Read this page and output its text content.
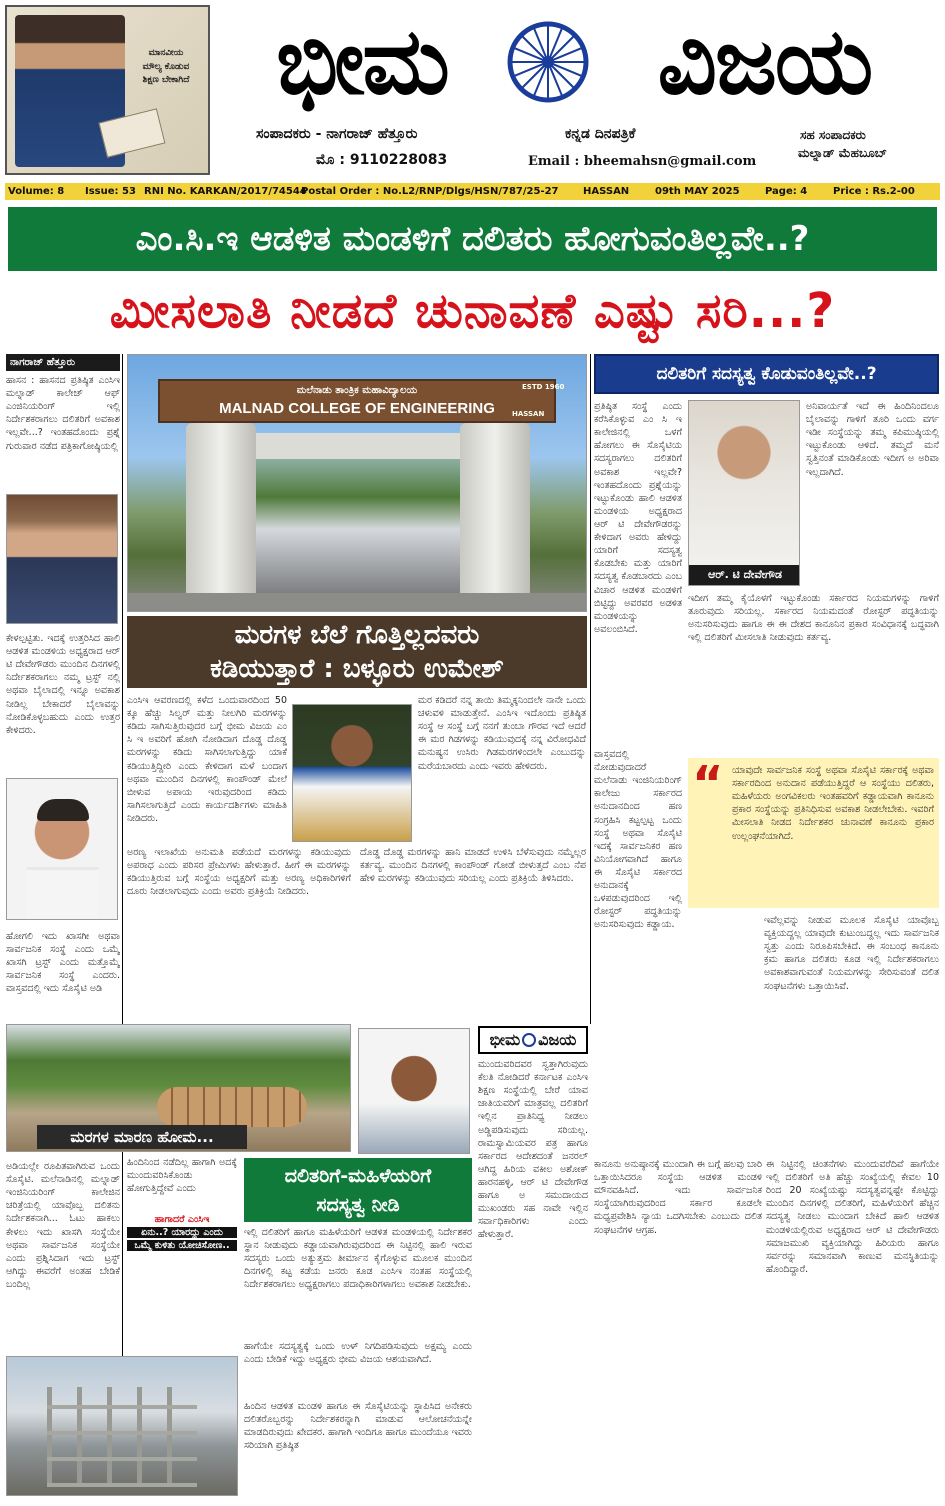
ಮಾನವೀಯ
ಮೌಲ್ಯ ಕೊಡುವ
ಶಿಕ್ಷಣ ಬೇಕಾಗಿದೆ ಭೀಮ	ವಿಜಯ
ಸಂಪಾದಕರು - ನಾಗರಾಜ್ ಹೆತ್ತೂರು
ಮೊ : 9110228083
ಕನ್ನಡ ದಿನಪತ್ರಿಕೆ
Email : bheemahsn@gmail.com
ಸಹ ಸಂಪಾದಕರು
ಮಲ್ನಾಡ್ ಮೆಹಬೂಬ್
Volume: 8 Issue: 53 RNI No. KARKAN/2017/74544
Postal Order : No.L2/RNP/Dlgs/HSN/787/25-27 HASSAN	09th MAY 2025	Page: 4	Price : Rs.2-00
ಎಂ.ಸಿ.ಇ ಆಡಳಿತ ಮಂಡಳಿಗೆ ದಲಿತರು ಹೋಗುವಂತಿಲ್ಲವೇ..?
ಮೀಸಲಾತಿ ನೀಡದೆ ಚುನಾವಣೆ ಎಷ್ಟು ಸರಿ...?
ನಾಗರಾಜ್ ಹೆತ್ತೂರು
ಹಾಸನ : ಹಾಸನದ ಪ್ರತಿಷ್ಠಿತ ಎಂಸಿಇ ಮಲ್ನಾಡ್ ಕಾಲೇಜ್ ಆಫ್ ಎಂಜಿನಿಯರಿಂಗ್ ಇಲ್ಲಿ ನಿರ್ದೇಶಕರಾಗಲು ದಲಿತರಿಗೆ ಅವಕಾಶ ಇಲ್ಲವೇ...? ಇಂತಹದೊಂದು ಪ್ರಶ್ನೆ ಗುರುವಾರ ನಡೆದ ಪತ್ರಿಕಾಗೋಷ್ಠಿಯಲ್ಲಿ
ಕೇಳಲ್ಪಟ್ಟಿತು. ಇದಕ್ಕೆ ಉತ್ತರಿಸಿದ ಹಾಲಿ ಆಡಳಿತ ಮಂಡಳಿಯ ಅಧ್ಯಕ್ಷರಾದ ಆರ್ ಟಿ ದೇವೇಗೌಡರು ಮುಂದಿನ ದಿನಗಳಲ್ಲಿ ನಿರ್ದೇಶಕರಾಗಲು ನಮ್ಮ ಟ್ರಸ್ಟ್ ನಲ್ಲಿ ಅಥವಾ ಬೈಲಾದಲ್ಲಿ ಇನ್ನೂ ಅವಕಾಶ ನೀಡಿಲ್ಲ ಬೇಕಾದರೆ ಬೈಲಾವನ್ನು ನೋಡಿಕೊಳ್ಳಬಹುದು ಎಂದು ಉತ್ತರ ಕೇಳಿದರು.
ಹೋಗಲಿ ಇದು ಖಾಸಗೀ ಅಥವಾ ಸಾರ್ವಜನಿಕ ಸಂಸ್ಥೆ ಎಂದು ಒಮ್ಮೆ ಖಾಸಗಿ ಟ್ರಸ್ಟ್ ಎಂದು ಮತ್ತೊಮ್ಮೆ ಸಾರ್ವಜನಿಕ ಸಂಸ್ಥೆ ಎಂದರು. ವಾಸ್ತವದಲ್ಲಿ ಇದು ಸೊಸೈಟಿ ಅಡಿ
ಮಲೆನಾಡು ತಾಂತ್ರಿಕ ಮಹಾವಿದ್ಯಾಲಯ
MALNAD COLLEGE OF ENGINEERING
ESTD 1960
HASSAN
ಮರಗಳ ಬೆಲೆ ಗೊತ್ತಿಲ್ಲದವರು
ಕಡಿಯುತ್ತಾರೆ : ಬಳ್ಳೂರು ಉಮೇಶ್
ಎಂಸಿಇ ಆವರಣದಲ್ಲಿ ಕಳೆದ ಒಂದುವಾರದಿಂದ 50 ಕ್ಕೂ ಹೆಚ್ಚು ಸಿಲ್ವರ್ ಮತ್ತು ನೀಲಗಿರಿ ಮರಗಳನ್ನು ಕಡಿದು ಸಾಗಿಸುತ್ತಿರುವುದರ ಬಗ್ಗೆ ಭೀಮ ವಿಜಯ ಎಂ ಸಿ ಇ ಅವರಿಗೆ ಹೋಗಿ ನೋಡಿದಾಗ ದೊಡ್ಡ ದೊಡ್ಡ ಮರಗಳನ್ನು ಕಡಿದು ಸಾಗಿಸಲಾಗುತ್ತಿದ್ದು ಯಾಕೆ ಕಡಿಯುತ್ತಿದ್ದೀರಿ ಎಂದು ಕೇಳಿದಾಗ ಮಳೆ ಬಂದಾಗ ಅಥವಾ ಮುಂದಿನ ದಿನಗಳಲ್ಲಿ ಕಾಂಪೌಂಡ್ ಮೇಲೆ ಬೀಳುವ ಅಪಾಯ ಇರುವುದರಿಂದ ಕಡಿದು ಸಾಗಿಸಲಾಗುತ್ತಿದೆ ಎಂದು ಕಾರ್ಯದರ್ಶಿಗಳು ಮಾಹಿತಿ ನೀಡಿದರು.
ಮರ ಕಡಿದರೆ ನನ್ನ ತಾಯಿ ತಿಮ್ಮಕ್ಕನಿಂದಲೇ ನಾನೇ ಒಂದು ಚಳುವಳಿ ಮಾಡುತ್ತೇನೆ. ಎಂಸಿಇ ಇದೊಂದು ಪ್ರತಿಷ್ಠಿತ ಸಂಸ್ಥೆ ಆ ಸಂಸ್ಥೆ ಬಗ್ಗೆ ನನಗೆ ತುಂಬಾ ಗೌರವ ಇದೆ ಆದರೆ ಈ ಮರ ಗಿಡಗಳನ್ನು ಕಡಿಯುವುದಕ್ಕೆ ನನ್ನ ವಿರೋಧವಿದೆ ಮನುಷ್ಯನ ಉಸಿರು ಗಿಡಮರಗಳಿಂದಲೇ ಎಂಬುದನ್ನು ಮರೆಯಬಾರದು ಎಂದು ಇವರು ಹೇಳಿದರು.
ಅರಣ್ಯ ಇಲಾಖೆಯ ಅನುಮತಿ ಪಡೆಯದೆ ಮರಗಳನ್ನು ಕಡಿಯುವುದು ಅಪರಾಧ ಎಂದು ಪರಿಸರ ಪ್ರೇಮಿಗಳು ಹೇಳುತ್ತಾರೆ. ಹೀಗೆ ಈ ಮರಗಳನ್ನು ಕಡಿಯುತ್ತಿರುವ ಬಗ್ಗೆ ಸಂಸ್ಥೆಯ ಅಧ್ಯಕ್ಷರಿಗೆ ಮತ್ತು ಅರಣ್ಯ ಅಧಿಕಾರಿಗಳಿಗೆ ದೂರು ನೀಡಲಾಗುವುದು ಎಂದು ಅವರು ಪ್ರತಿಕ್ರಿಯೆ ನೀಡಿದರು.
ದೊಡ್ಡ ದೊಡ್ಡ ಮರಗಳನ್ನು ಹಾನಿ ಮಾಡದೆ ಉಳಿಸಿ ಬೆಳೆಸುವುದು ನಮ್ಮೆಲ್ಲರ ಕರ್ತವ್ಯ. ಮುಂದಿನ ದಿನಗಳಲ್ಲಿ ಕಾಂಪೌಂಡ್ ಗೋಡೆ ಬೀಳುತ್ತದೆ ಎಂಬ ನೆಪ ಹೇಳಿ ಮರಗಳನ್ನು ಕಡಿಯುವುದು ಸರಿಯಲ್ಲ ಎಂದು ಪ್ರತಿಕ್ರಿಯೆ ತಿಳಿಸಿದರು.
ಮರಗಳ ಮಾರಣ ಹೋಮ...
ಭೀಮ ವಿಜಯ
ಮುಂದುವರಿದವರ ಸ್ವತ್ತಾಗಿರುವುದು ಕೆಲತಿ ನೋಡಿದರೆ ಕರ್ನಾಟಕ ಎಂಸಿಇ ಶಿಕ್ಷಣ ಸಂಸ್ಥೆಯಲ್ಲಿ ಬೇರೆ ಯಾವ ಜಾತಿಯವರಿಗೆ ಮಾತ್ರವಲ್ಲ ದಲಿತರಿಗೆ ಇಲ್ಲಿನ ಪ್ರಾತಿನಿಧ್ಯ ನೀಡಲು ಅಡ್ಡಿಪಡಿಸುವುದು ಸರಿಯಲ್ಲ. ರಾಮಸ್ವಾಮಿಯವರ ಪತ್ರ ಹಾಗೂ ಸರ್ಕಾರದ ಆದೇಶದಂತೆ ಜನರಲ್ ಆಗಿದ್ದ ಹಿರಿಯ ವಕೀಲ ಅಶೋಕ್ ಹಾರನಹಳ್ಳಿ, ಆರ್ ಟಿ ದೇವೇಗೌಡ ಹಾಗೂ ಅ ಸಮುದಾಯದ ಮುಖಂಡರು ಸಹ ನಾವೇ ಇಲ್ಲಿನ ಸರ್ವಾಧಿಕಾರಿಗಳು ಎಂದು ಹೇಳುತ್ತಾರೆ.
ಅಡಿಯಲ್ಲೇ ರೂಪಿತವಾಗಿರುವ ಒಂದು ಸೊಸೈಟಿ. ಮಲೆನಾಡಿನಲ್ಲಿ ಮಲ್ನಾಡ್ ಇಂಜಿನಿಯರಿಂಗ್ ಕಾಲೇಜಿನ ಚರಿತ್ರೆಯಲ್ಲಿ ಯಾವೊಬ್ಬ ದಲಿತನು ನಿರ್ದೇಶಕನಾಗಿ... ಓಟು ಹಾಕಲು ಕೇಳಲು ಇದು ಖಾಸಗಿ ಸಂಸ್ಥೆಯೇ ಅಥವಾ ಸಾರ್ವಜನಿಕ ಸಂಸ್ಥೆಯೇ ಎಂದು ಪ್ರಶ್ನಿಸಿದಾಗ ಇದು ಟ್ರಸ್ಟ್ ಆಗಿದ್ದು ಈವರೆಗೆ ಅಂತಹ ಬೇಡಿಕೆ ಬಂದಿಲ್ಲ
ಹಿಂದಿನಿಂದ ನಡೆದಿಲ್ಲ ಹಾಗಾಗಿ ಅದಕ್ಕೆ ಮುಂದುವರಿಸಿಕೊಂಡು ಹೋಗುತ್ತಿದ್ದೇವೆ ಎಂದು
ಹಾಗಾದರೆ ಎಂಸಿಇ
ಏನು..? ಯಾರದ್ದು ಎಂದು
ಒಮ್ಮೆ ಕುಳಿತು ಯೋಚಿಸೋಣ..
ದಲಿತರಿಗೆ-ಮಹಿಳೆಯರಿಗೆ
ಸದಸ್ಯತ್ವ ನೀಡಿ
ಇಲ್ಲಿ ದಲಿತರಿಗೆ ಹಾಗೂ ಮಹಿಳೆಯರಿಗೆ ಆಡಳಿತ ಮಂಡಳಿಯಲ್ಲಿ ನಿರ್ದೇಶಕರ ಸ್ಥಾನ ನೀಡುವುದು ಕಡ್ಡಾಯವಾಗಿರುವುದರಿಂದ ಈ ನಿಟ್ಟಿನಲ್ಲಿ ಹಾಲಿ ಇರುವ ಸದಸ್ಯರು ಒಂದು ಅತ್ಯುತ್ತಮ ತೀರ್ಮಾನ ಕೈಗೊಳ್ಳುವ ಮೂಲಕ ಮುಂದಿನ ದಿನಗಳಲ್ಲಿ ಕಟ್ಟ ಕಡೆಯ ಜನರು ಕೂಡ ಎಂಸಿಇ ನಂತಹ ಸಂಸ್ಥೆಯಲ್ಲಿ ನಿರ್ದೇಶಕರಾಗಲು ಅಧ್ಯಕ್ಷರಾಗಲು ಪದಾಧಿಕಾರಿಗಳಾಗಲು ಅವಕಾಶ ನೀಡಬೇಕು.
ಹಾಗೆಯೇ ಸದಸ್ಯತ್ವಕ್ಕೆ ಒಂದು ಉಳ್ ನಿಗದಿಪಡಿಸುವುದು ಅಕ್ಷಮ್ಯ ಎಂದು ಎಂದು ಬೇಡಿಕೆ ಇದ್ದು ಅಧ್ಯಕ್ಷರು ಭೀಮ ವಿಜಯ ಆಶಯವಾಗಿದೆ.
ಹಿಂದಿನ ಆಡಳಿತ ಮಂಡಳಿ ಹಾಗೂ ಈ ಸೊಸೈಟಿಯನ್ನು ಸ್ಥಾಪಿಸಿದ ಅನೇಕರು ದಲಿತರೊಬ್ಬರನ್ನು ನಿರ್ದೇಶಕರನ್ನಾಗಿ ಮಾಡುವ ಆಲೋಚನೆಯನ್ನೇ ಮಾಡದಿರುವುದು ಖೇದಕರ. ಹಾಗಾಗಿ ಇಂದಿಗೂ ಹಾಗೂ ಮುಂದೆಯೂ ಇವರು ಸರಿಯಾಗಿ ಪ್ರತಿಷ್ಠಿತ
ದಲಿತರಿಗೆ ಸದಸ್ಯತ್ವ ಕೊಡುವಂತಿಲ್ಲವೇ..?
ಪ್ರತಿಷ್ಠಿತ ಸಂಸ್ಥೆ ಎಂದು ಕರೆಸಿಕೊಳ್ಳುವ ಎಂ ಸಿ ಇ ಕಾಲೇಜಿನಲ್ಲಿ ಒಳಗೆ ಹೋಗಲು ಈ ಸೊಸೈಟಿಯ ಸದಸ್ಯರಾಗಲು ದಲಿತರಿಗೆ ಅವಕಾಶ ಇಲ್ಲವೇ? ಇಂತಹದೊಂದು ಪ್ರಶ್ನೆಯನ್ನು ಇಟ್ಟುಕೊಂಡು ಹಾಲಿ ಆಡಳಿತ ಮಂಡಳಿಯ ಅಧ್ಯಕ್ಷರಾದ ಆರ್ ಟಿ ದೇವೇಗೌಡರನ್ನು ಕೇಳಿದಾಗ ಅವರು ಹೇಳಿದ್ದು ಯಾರಿಗೆ ಸದಸ್ಯತ್ವ ಕೊಡಬೇಕು ಮತ್ತು ಯಾರಿಗೆ ಸದಸ್ಯತ್ವ ಕೊಡಬಾರದು ಎಂಬ ವಿಚಾರ ಆಡಳಿತ ಮಂಡಳಿಗೆ ಬಿಟ್ಟಿದ್ದು ಅವರವರ ಅಡಳಿತ ಮಂಡಳಿಯನ್ನು ಅವಲಂಬಿಸಿದೆ.
ಆರ್. ಟಿ ದೇವೇಗೌಡ
ಅನಿವಾರ್ಯತೆ ಇದೆ ಈ ಹಿಂದಿನಿಂದಲೂ ಬೈಲಾವನ್ನು ಗಾಳಿಗೆ ತೂರಿ ಒಂದು ವರ್ಗ ಇಡೀ ಸಂಸ್ಥೆಯನ್ನು ತಮ್ಮ ಕಪಿಮುಷ್ಠಿಯಲ್ಲಿ ಇಟ್ಟುಕೊಂಡು ಆಳಿದೆ. ತಮ್ಮದೆ ಮನೆ ಸ್ವತ್ತಿನಂತೆ ಮಾಡಿಕೊಂಡು ಇದೀಗ ಅ ಅರಿವಾ ಇಲ್ಲದಾಗಿದೆ.
ಇದೀಗ ತಮ್ಮ ಕೈಯೊಳಗೆ ಇಟ್ಟುಕೊಂಡು ಸರ್ಕಾರದ ನಿಯಮಗಳನ್ನು ಗಾಳಿಗೆ ತೂರುವುದು ಸರಿಯಲ್ಲ. ಸರ್ಕಾರದ ನಿಯಮದಂತೆ ರೋಸ್ಟರ್ ಪದ್ಧತಿಯನ್ನು ಅನುಸರಿಸುವುದು ಹಾಗೂ ಈ ಈ ದೇಶದ ಕಾನೂನಿನ ಪ್ರಕಾರ ಸಂವಿಧಾನಕ್ಕೆ ಬದ್ಧವಾಗಿ ಇಲ್ಲಿ ದಲಿತರಿಗೆ ಮೀಸಲಾತಿ ನೀಡುವುದು ಕರ್ತವ್ಯ.
“ ಯಾವುದೇ ಸಾರ್ವಜನಿಕ ಸಂಸ್ಥೆ ಅಥವಾ ಸೊಸೈಟಿ ಸರ್ಕಾರಕ್ಕೆ ಅಥವಾ ಸರ್ಕಾರದಿಂದ ಅನುದಾನ ಪಡೆಯುತ್ತಿದ್ದರೆ ಆ ಸಂಸ್ಥೆಯು ದಲಿತರು, ಮಹಿಳೆಯರು ಅಂಗವಿಕಲರು ಇಂತಹವರಿಗೆ ಕಡ್ಡಾಯವಾಗಿ ಕಾನೂನು ಪ್ರಕಾರ ಸಂಸ್ಥೆಯನ್ನು ಪ್ರತಿನಿಧಿಸುವ ಅವಕಾಶ ನೀಡಲೇಬೇಕು. ಇವರಿಗೆ ಮೀಸಲಾತಿ ನೀಡದ ನಿರ್ದೇಶಕರ ಚುನಾವಣೆ ಕಾನೂನು ಪ್ರಕಾರ ಉಲ್ಲಂಘನೆಯಾಗಿದೆ.
ವಾಸ್ತವದಲ್ಲಿ ನೋಡುವುದಾದರೆ ಮಲೆನಾಡು ಇಂಜಿನಿಯರಿಂಗ್ ಕಾಲೇಜು ಸರ್ಕಾರದ ಅನುದಾನದಿಂದ ಹಣ ಸಂಗ್ರಹಿಸಿ ಕಟ್ಟಲ್ಪಟ್ಟ ಒಂದು ಸಂಸ್ಥೆ ಅಥವಾ ಸೊಸೈಟಿ ಇದಕ್ಕೆ ಸಾರ್ವಜನಿಕರ ಹಣ ವಿನಿಯೋಗವಾಗಿದೆ ಹಾಗೂ ಈ ಸೊಸೈಟಿ ಸರ್ಕಾರದ ಅನುದಾನಕ್ಕೆ ಒಳಪಡುವುದರಿಂದ ಇಲ್ಲಿ ರೋಸ್ಟರ್ ಪದ್ಧತಿಯನ್ನು ಅನುಸರಿಸುವುದು ಕಡ್ಡಾಯ.	ಇವೆಲ್ಲವನ್ನು ನೀಡುವ ಮೂಲಕ ಸೊಸೈಟಿ ಯಾವೊಬ್ಬ ವ್ಯಕ್ತಿಯದ್ದಲ್ಲ ಯಾವುದೇ ಕುಟುಂಬದ್ದಲ್ಲ ಇದು ಸಾರ್ವಜನಿಕ ಸ್ವತ್ತು ಎಂದು ನಿರೂಪಿಸಬೇಕಿದೆ. ಈ ಸಂಬಂಧ ಕಾನೂನು ಕ್ರಮ ಹಾಗೂ ದಲಿತರು ಕೂಡ ಇಲ್ಲಿ ನಿರ್ದೇಶಕರಾಗಲು ಅವಕಾಶವಾಗುವಂತೆ ನಿಯಮಗಳನ್ನು ಸೇರಿಸುವಂತೆ ದಲಿತ ಸಂಘಟನೆಗಳು ಒತ್ತಾಯಿಸಿವೆ.
ಕಾನೂನು ಅನುಷ್ಠಾನಕ್ಕೆ ಮುಂದಾಗಿ ಈ ಬಗ್ಗೆ ಹಲವು ಬಾರಿ ಒತ್ತಾಯಿಸಿದರೂ ಸಂಸ್ಥೆಯ ಆಡಳಿತ ಮಂಡಳಿ ಮೌನವಹಿಸಿದೆ. ಇದು ಸಾರ್ವಜನಿಕ ಸಂಸ್ಥೆಯಾಗಿರುವುದರಿಂದ ಸರ್ಕಾರ ಕೂಡಲೇ ಮಧ್ಯಪ್ರವೇಶಿಸಿ ನ್ಯಾಯ ಒದಗಿಸಬೇಕು ಎಂಬುದು ದಲಿತ ಸಂಘಟನೆಗಳ ಆಗ್ರಹ.
ಈ ನಿಟ್ಟಿನಲ್ಲಿ ಚಿಂತನೆಗಳು ಮುಂದುವರೆದಿವೆ ಹಾಗೆಯೇ ಇಲ್ಲಿ ದಲಿತರಿಗೆ ಅತಿ ಹೆಚ್ಚು ಸಂಖ್ಯೆಯಲ್ಲಿ ಕೇವಲ 10 ರಿಂದ 20 ಸಂಖ್ಯೆಯಷ್ಟು ಸದಸ್ಯತ್ವವನ್ನಷ್ಟೇ ಕೊಟ್ಟಿದ್ದು ಮುಂದಿನ ದಿನಗಳಲ್ಲಿ ದಲಿತರಿಗೆ, ಮಹಿಳೆಯರಿಗೆ ಹೆಚ್ಚಿನ ಸದಸ್ಯತ್ವ ನೀಡಲು ಮುಂದಾಗ ಬೇಕಿದೆ ಹಾಲಿ ಆಡಳಿತ ಮಂಡಳಿಯಲ್ಲಿರುವ ಅಧ್ಯಕ್ಷರಾದ ಆರ್ ಟಿ ದೇವೇಗೌಡರು ಸಮಾಜಮುಖಿ ವ್ಯಕ್ತಿಯಾಗಿದ್ದು ಹಿರಿಯರು ಹಾಗೂ ಸರ್ವರನ್ನು ಸಮಾನವಾಗಿ ಕಾಣುವ ಮನಸ್ಥಿತಿಯನ್ನು ಹೊಂದಿದ್ದಾರೆ.
